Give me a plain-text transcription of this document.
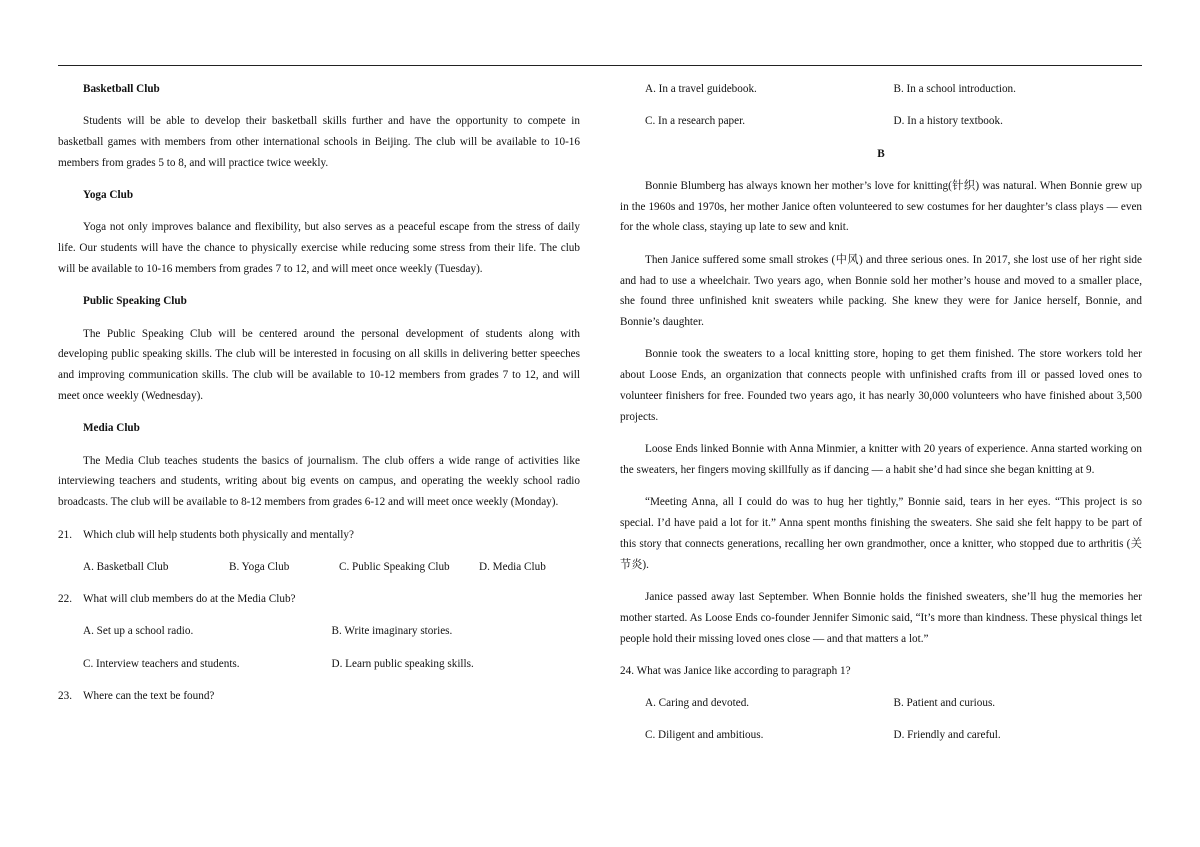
Basketball Club
Students will be able to develop their basketball skills further and have the opportunity to compete in basketball games with members from other international schools in Beijing. The club will be available to 10-16 members from grades 5 to 8, and will practice twice weekly.
Yoga Club
Yoga not only improves balance and flexibility, but also serves as a peaceful escape from the stress of daily life. Our students will have the chance to physically exercise while reducing some stress from their life. The club will be available to 10-16 members from grades 7 to 12, and will meet once weekly (Tuesday).
Public Speaking Club
The Public Speaking Club will be centered around the personal development of students along with developing public speaking skills. The club will be interested in focusing on all skills in delivering better speeches and improving communication skills. The club will be available to 10-12 members from grades 7 to 12, and will meet once weekly (Wednesday).
Media Club
The Media Club teaches students the basics of journalism. The club offers a wide range of activities like interviewing teachers and students, writing about big events on campus, and operating the weekly school radio broadcasts. The club will be available to 8-12 members from grades 6-12 and will meet once weekly (Monday).
21. Which club will help students both physically and mentally?
A. Basketball Club	B. Yoga Club	C. Public Speaking Club	D. Media Club
22. What will club members do at the Media Club?
A. Set up a school radio.	B. Write imaginary stories.
C. Interview teachers and students.	D. Learn public speaking skills.
23. Where can the text be found?
A. In a travel guidebook.	B. In a school introduction.
C. In a research paper.	D. In a history textbook.
B
Bonnie Blumberg has always known her mother’s love for knitting(针织) was natural. When Bonnie grew up in the 1960s and 1970s, her mother Janice often volunteered to sew costumes for her daughter’s class plays — even for the whole class, staying up late to sew and knit.
Then Janice suffered some small strokes (中风) and three serious ones. In 2017, she lost use of her right side and had to use a wheelchair. Two years ago, when Bonnie sold her mother’s house and moved to a smaller place, she found three unfinished knit sweaters while packing. She knew they were for Janice herself, Bonnie, and Bonnie’s daughter.
Bonnie took the sweaters to a local knitting store, hoping to get them finished. The store workers told her about Loose Ends, an organization that connects people with unfinished crafts from ill or passed loved ones to volunteer finishers for free. Founded two years ago, it has nearly 30,000 volunteers who have finished about 3,500 projects.
Loose Ends linked Bonnie with Anna Minmier, a knitter with 20 years of experience. Anna started working on the sweaters, her fingers moving skillfully as if dancing — a habit she’d had since she began knitting at 9.
“Meeting Anna, all I could do was to hug her tightly,” Bonnie said, tears in her eyes. “This project is so special. I’d have paid a lot for it.” Anna spent months finishing the sweaters. She said she felt happy to be part of this story that connects generations, recalling her own grandmother, once a knitter, who stopped due to arthritis (关节炎).
Janice passed away last September. When Bonnie holds the finished sweaters, she’ll hug the memories her mother started. As Loose Ends co-founder Jennifer Simonic said, “It’s more than kindness. These physical things let people hold their missing loved ones close — and that matters a lot.”
24. What was Janice like according to paragraph 1?
A. Caring and devoted.	B. Patient and curious.
C. Diligent and ambitious.	D. Friendly and careful.
